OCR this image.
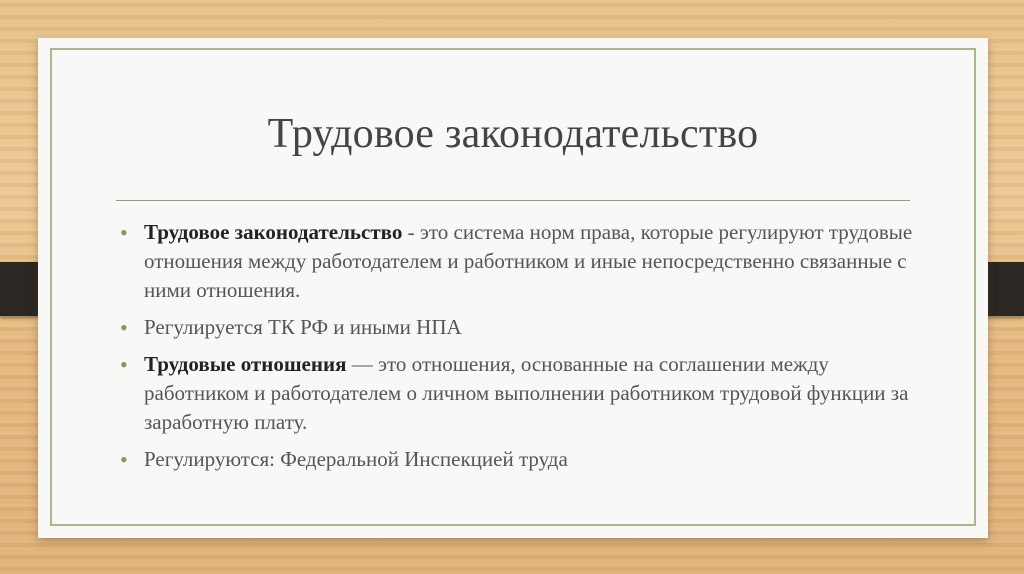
Трудовое законодательство
• Трудовое законодательство - это система норм права, которые регулируют трудовые отношения между работодателем и работником и иные непосредственно связанные с ними отношения.
• Регулируется ТК РФ и иными НПА
• Трудовые отношения — это отношения, основанные на соглашении между работником и работодателем о личном выполнении работником трудовой функции за заработную плату.
• Регулируются: Федеральной Инспекцией труда
